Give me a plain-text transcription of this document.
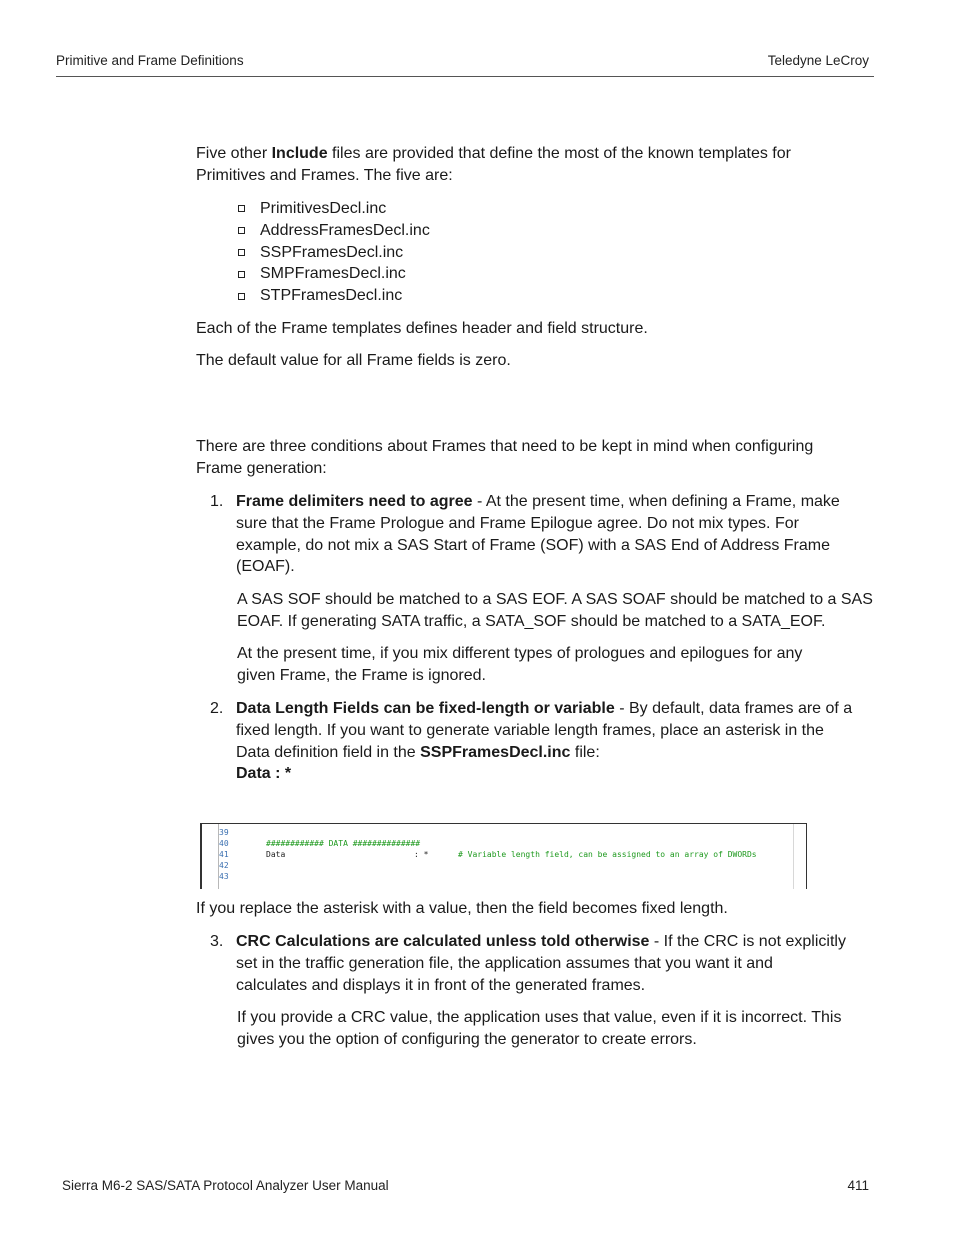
Primitive and Frame Definitions	Teledyne LeCroy
Five other Include files are provided that define the most of the known templates for
Primitives and Frames. The five are:
PrimitivesDecl.inc
AddressFramesDecl.inc
SSPFramesDecl.inc
SMPFramesDecl.inc
STPFramesDecl.inc
Each of the Frame templates defines header and field structure.
The default value for all Frame fields is zero.
There are three conditions about Frames that need to be kept in mind when configuring
Frame generation:
1. Frame delimiters need to agree - At the present time, when defining a Frame, make
sure that the Frame Prologue and Frame Epilogue agree. Do not mix types. For
example, do not mix a SAS Start of Frame (SOF) with a SAS End of Address Frame
(EOAF).
A SAS SOF should be matched to a SAS EOF. A SAS SOAF should be matched to a SAS
EOAF. If generating SATA traffic, a SATA_SOF should be matched to a SATA_EOF.
At the present time, if you mix different types of prologues and epilogues for any
given Frame, the Frame is ignored.
2. Data Length Fields can be fixed-length or variable - By default, data frames are of a
fixed length. If you want to generate variable length frames, place an asterisk in the
Data definition field in the SSPFramesDecl.inc file:
Data : *
39
40	############ DATA ##############
41	Data	: *	# Variable length field, can be assigned to an array of DWORDs
42
43
If you replace the asterisk with a value, then the field becomes fixed length.
3. CRC Calculations are calculated unless told otherwise - If the CRC is not explicitly
set in the traffic generation file, the application assumes that you want it and
calculates and displays it in front of the generated frames.
If you provide a CRC value, the application uses that value, even if it is incorrect. This
gives you the option of configuring the generator to create errors.
Sierra M6-2 SAS/SATA Protocol Analyzer User Manual	411
